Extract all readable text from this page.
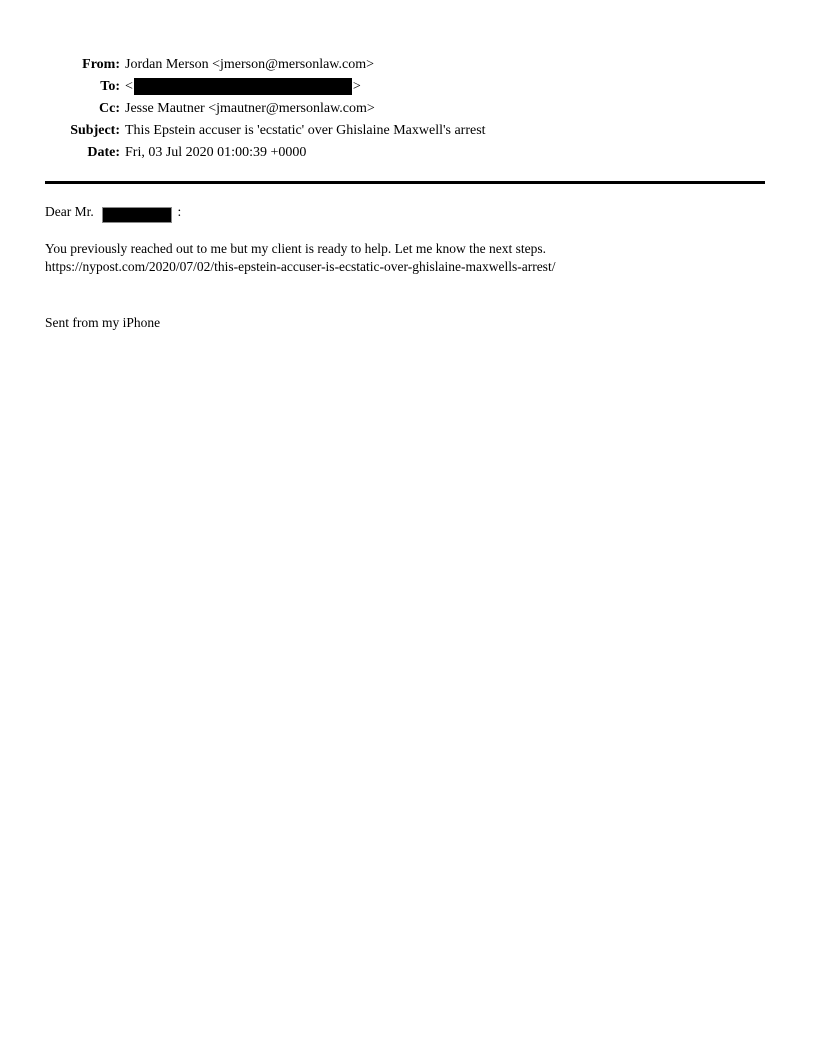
From: Jordan Merson <jmerson@mersonlaw.com>
To: <	>
Cc: Jesse Mautner <jmautner@mersonlaw.com>
Subject: This Epstein accuser is 'ecstatic' over Ghislaine Maxwell's arrest
Date: Fri, 03 Jul 2020 01:00:39 +0000
Dear Mr.	:
You previously reached out to me but my client is ready to help. Let me know the next steps.
https://nypost.com/2020/07/02/this-epstein-accuser-is-ecstatic-over-ghislaine-maxwells-arrest/
Sent from my iPhone
